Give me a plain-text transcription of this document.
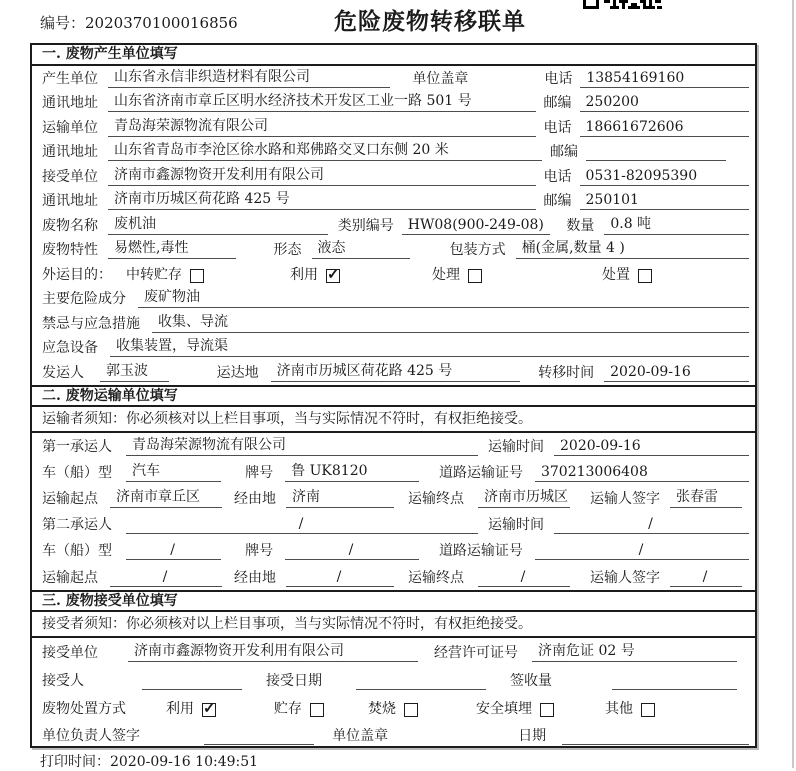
编号：2020370100016856	危险废物转移联单
一. 废物产生单位填写
产生单位	山东省永信非织造材料有限公司	单位盖章	电话	13854169160
通讯地址	山东省济南市章丘区明水经济技术开发区工业一路 501 号	邮编	250200
运输单位	青岛海荣源物流有限公司	电话	18661672606
通讯地址	山东省青岛市李沧区徐水路和郑佛路交叉口东侧 20 米	邮编
接受单位	济南市鑫源物资开发利用有限公司	电话	0531-82095390
通讯地址	济南市历城区荷花路 425 号	邮编	250101
废物名称	废机油	类别编号	HW08(900-249-08)	数量	0.8 吨
废物特性	易燃性,毒性	形态	液态	包装方式	桶(金属,数量 4 )
外运目的： 中转贮存	利用 ✓	处理	处置
主要危险成分	废矿物油
禁忌与应急措施	收集、导流
应急设备	收集装置，导流渠
发运人	郭玉波	运达地	济南市历城区荷花路 425 号	转移时间	2020-09-16
二. 废物运输单位填写
运输者须知：你必须核对以上栏目事项，当与实际情况不符时，有权拒绝接受。
第一承运人	青岛海荣源物流有限公司	运输时间	2020-09-16
车（船）型	汽车	牌号	鲁 UK8120	道路运输证号	370213006408
运输起点	济南市章丘区	经由地	济南	运输终点	济南市历城区 运输人签字	张春雷
第二承运人	/	运输时间	/
车（船）型	/	牌号	/	道路运输证号	/
运输起点	/	经由地	/	运输终点	/	运输人签字	/
三. 废物接受单位填写
接受者须知：你必须核对以上栏目事项，当与实际情况不符时，有权拒绝接受。
接受单位	济南市鑫源物资开发利用有限公司	经营许可证号	济南危证 02 号
接受人	接受日期	签收量
废物处置方式	利用 ✓	贮存	焚烧	安全填埋	其他
单位负责人签字	单位盖章	日期
打印时间：2020-09-16 10:49:51
